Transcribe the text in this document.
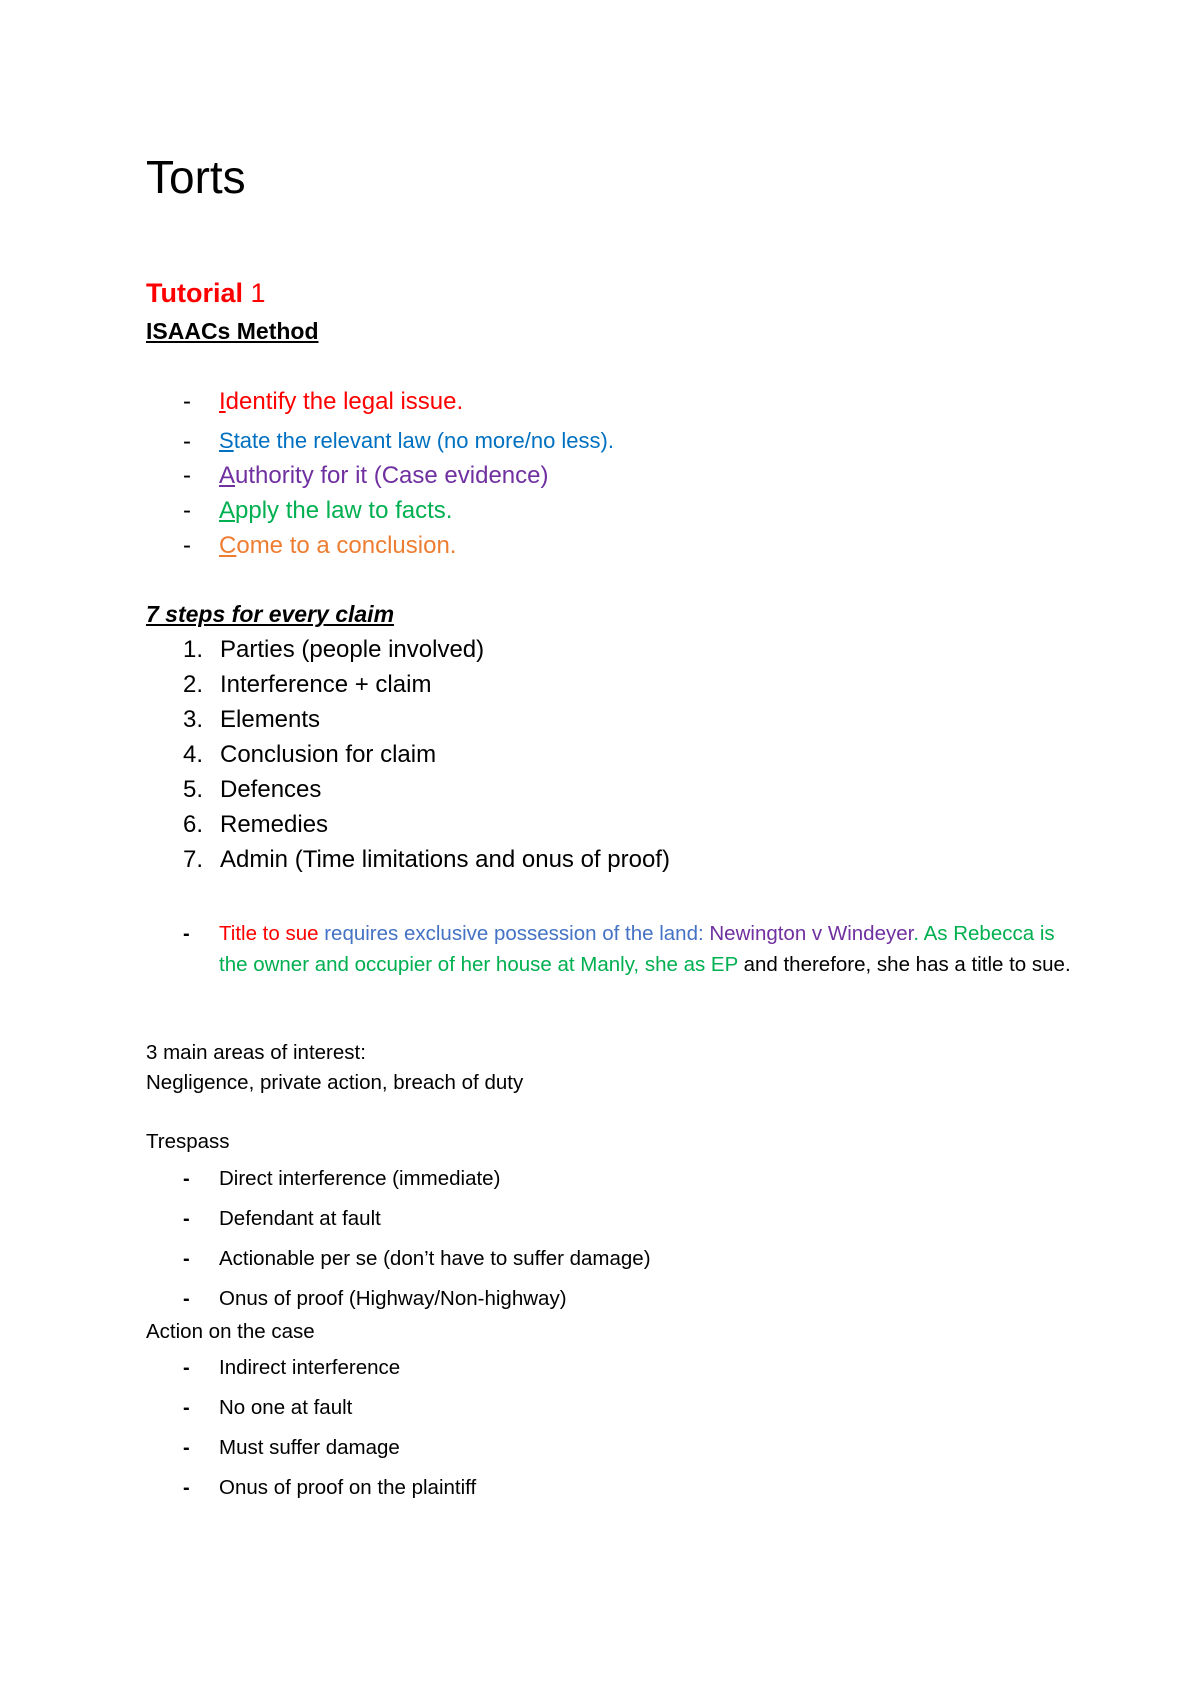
Torts
Tutorial 1
ISAACs Method
- Identify the legal issue.
- State the relevant law (no more/no less).
- Authority for it (Case evidence)
- Apply the law to facts.
- Come to a conclusion.
7 steps for every claim
1. Parties (people involved)
2. Interference + claim
3. Elements
4. Conclusion for claim
5. Defences
6. Remedies
7. Admin (Time limitations and onus of proof)
- Title to sue requires exclusive possession of the land: Newington v Windeyer. As Rebecca is the owner and occupier of her house at Manly, she as EP and therefore, she has a title to sue.
3 main areas of interest:
Negligence, private action, breach of duty
Trespass
- Direct interference (immediate)
- Defendant at fault
- Actionable per se (don’t have to suffer damage)
- Onus of proof (Highway/Non-highway)
Action on the case
- Indirect interference
- No one at fault
- Must suffer damage
- Onus of proof on the plaintiff
